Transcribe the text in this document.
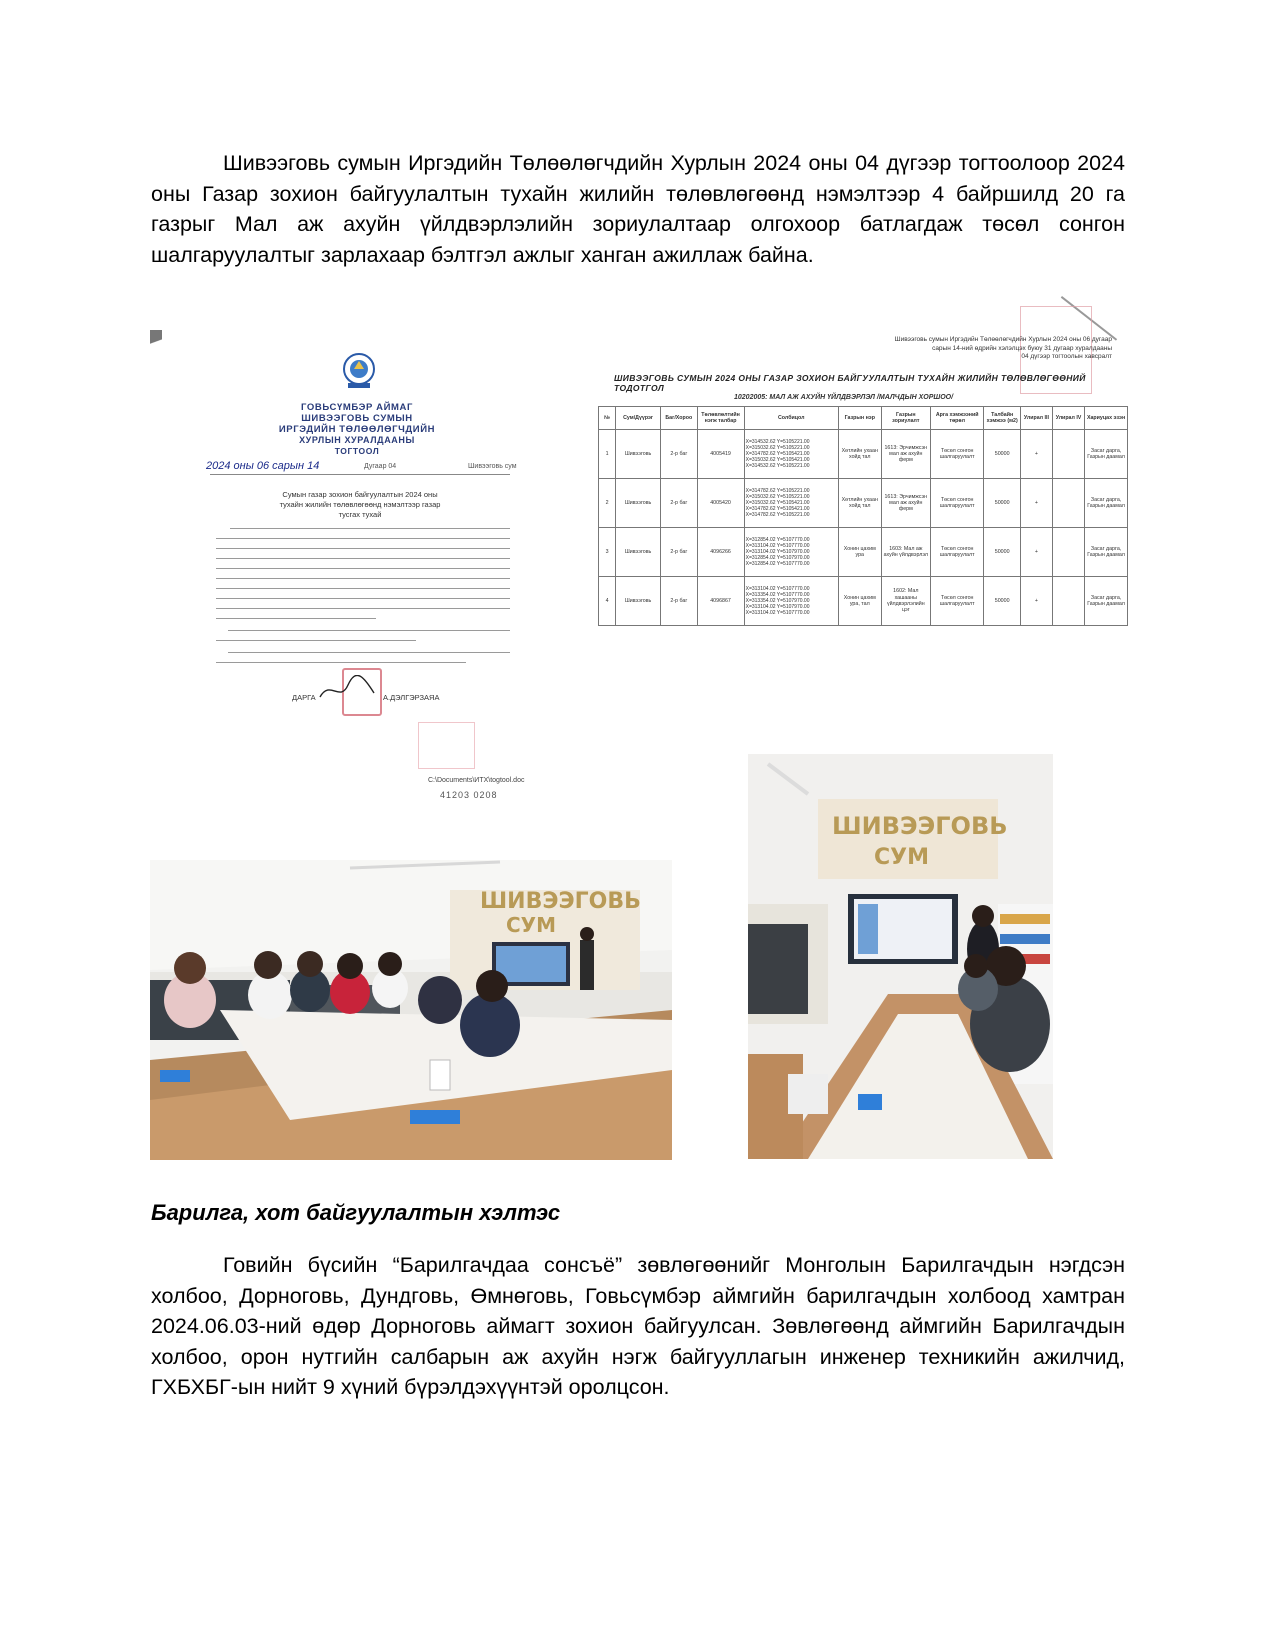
Шивээговь сумын Иргэдийн Төлөөлөгчдийн Хурлын 2024 оны 04 дүгээр тогтоолоор 2024 оны Газар зохион байгуулалтын тухайн жилийн төлөвлөгөөнд нэмэлтээр 4 байршилд 20 га газрыг Мал аж ахуйн үйлдвэрлэлийн зориулалтаар олгохоор батлагдаж төсөл сонгон шалгаруулалтыг зарлахаар бэлтгэл ажлыг ханган ажиллаж байна.

ГОВЬСҮМБЭР АЙМАГ
ШИВЭЭГОВЬ СУМЫН
ИРГЭДИЙН ТӨЛӨӨЛӨГЧДИЙН
ХУРЛЫН ХУРАЛДААНЫ
ТОГТООЛ
2024 оны 06 сарын 14	Дугаар 04	Шивээговь сум
Сумын газар зохион байгуулалтын 2024 оны
тухайн жилийн төлөвлөгөөнд нэмэлтээр газар
тусгах тухай
ДАРГА	А.ДЭЛГЭРЗАЯА
C:\Documents\ИТХ\togtool.doc
41203 0208
Шивээговь сумын Иргэдийн Төлөөлөгчдийн Хурлын 2024 оны 06 дугаар
сарын 14-ний өдрийн хэлэлцэх буюу 31 дугаар хуралдааны
04 дүгээр тогтоолын хавсралт
ШИВЭЭГОВЬ СУМЫН 2024 ОНЫ ГАЗАР ЗОХИОН БАЙГУУЛАЛТЫН ТУХАЙН ЖИЛИЙН ТӨЛӨВЛӨГӨӨНИЙ ТОДОТГОЛ
10202005: МАЛ АЖ АХУЙН ҮЙЛДВЭРЛЭЛ /МАЛЧДЫН ХОРШОО/
№	Сум/Дүүрэг	Баг/Хороо	Төлөвлөлтийн нэгж талбар	Солбицол	Газрын нэр	Газрын зориулалт	Арга хэмжээний төрөл	Талбайн хэмжээ (м2)	Улирал III	Улирал IV	Хариуцах эзэн
1	Шивээговь	2-р баг	4005419	X=314532.62 Y=5105221.00
X=315032.62 Y=5105221.00
X=314782.62 Y=5105421.00
X=315032.62 Y=5105421.00
X=314532.62 Y=5105221.00	Хөтлийн ухаан хойд тал	1613: Эрчимжсэн мал аж ахуйн ферм	Төсөл сонгон шалгаруулалт	50000	+		Засаг дарга, Газрын даамал
2	Шивээговь	2-р баг	4005420	X=314782.62 Y=5105221.00
X=315032.62 Y=5105221.00
X=315032.62 Y=5105421.00
X=314782.62 Y=5105421.00
X=314782.62 Y=5105221.00	Хөтлийн ухаан хойд тал	1613: Эрчимжсэн мал аж ахуйн ферм	Төсөл сонгон шалгаруулалт	50000	+		Засаг дарга, Газрын даамал
3	Шивээговь	2-р баг	4096266	X=312854.02 Y=5107770.00
X=313104.02 Y=5107770.00
X=313104.02 Y=5107970.00
X=312854.02 Y=5107970.00
X=312854.02 Y=5107770.00	Хонин цахим ура	1603: Мал аж ахуйн үйлдвэрлэл	Төсөл сонгон шалгаруулалт	50000	+		Засаг дарга, Газрын даамал
4	Шивээговь	2-р баг	4096867	X=313104.02 Y=5107770.00
X=313354.02 Y=5107770.00
X=313354.02 Y=5107970.00
X=313104.02 Y=5107970.00
X=313104.02 Y=5107770.00	Хонин цахим ура, тал	1602: Мал хашааны үйлдвэрлэлийн цэг	Төсөл сонгон шалгаруулалт	50000	+		Засаг дарга, Газрын даамал
ШИВЭЭГОВЬ
СУМ
ШИВЭЭГОВЬ
СУМ
Барилга, хот байгуулалтын хэлтэс

Говийн бүсийн “Барилгачдаа сонсъё” зөвлөгөөнийг Монголын Барилгачдын нэгдсэн холбоо, Дорноговь, Дундговь, Өмнөговь, Говьсүмбэр аймгийн барилгачдын холбоод хамтран 2024.06.03-ний өдөр Дорноговь аймагт зохион байгуулсан. Зөвлөгөөнд аймгийн Барилгачдын холбоо, орон нутгийн салбарын аж ахуйн нэгж байгууллагын инженер техникийн ажилчид, ГХБХБГ-ын нийт 9 хүний бүрэлдэхүүнтэй оролцсон.
